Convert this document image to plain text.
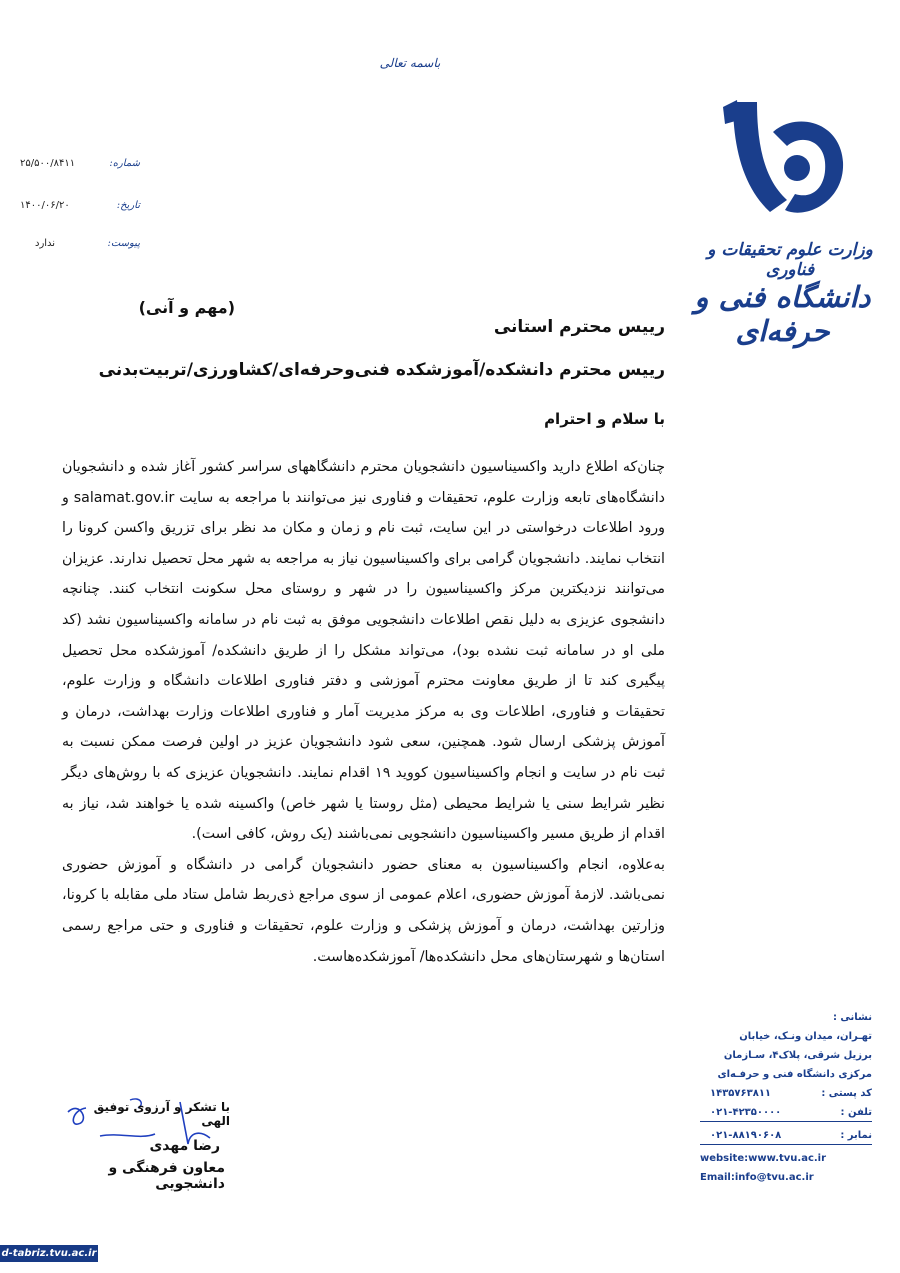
باسمه تعالی
شماره:
۲۵/۵۰۰/۸۴۱۱
تاریخ:
۱۴۰۰/۰۶/۲۰
پیوست:
ندارد	وزارت علوم تحقیقات و فناوری
دانشگاه فنی و حرفه‌ای
(مهم و آنی)
رییس محترم استانی
رییس محترم دانشکده/آموزشکده فنی‌وحرفه‌ای/کشاورزی/تربیت‌بدنی
با سلام و احترام

چنان‌که اطلاع دارید واکسیناسیون دانشجویان محترم دانشگاههای سراسر کشور آغاز شده و دانشجویان دانشگاه‌های تابعه وزارت علوم، تحقیقات و فناوری نیز می‌توانند با مراجعه به سایت salamat.gov.ir و ورود اطلاعات درخواستی در این سایت، ثبت نام و زمان و مکان مد نظر برای تزریق واکسن کرونا را انتخاب نمایند. دانشجویان گرامی برای واکسیناسیون نیاز به مراجعه به شهر محل تحصیل ندارند. عزیزان می‌توانند نزدیکترین مرکز واکسیناسیون را در شهر و روستای محل سکونت انتخاب کنند. چنانچه دانشجوی عزیزی به دلیل نقص اطلاعات دانشجویی موفق به ثبت نام در سامانه واکسیناسیون نشد (کد ملی او در سامانه ثبت نشده بود)، می‌تواند مشکل را از طریق دانشکده/ آموزشکده محل تحصیل پیگیری کند تا از طریق معاونت محترم آموزشی و دفتر فناوری اطلاعات دانشگاه و وزارت علوم، تحقیقات و فناوری، اطلاعات وی به مرکز مدیریت آمار و فناوری اطلاعات وزارت بهداشت، درمان و آموزش پزشکی ارسال شود. همچنین، سعی شود دانشجویان عزیز در اولین فرصت ممکن نسبت به ثبت نام در سایت و انجام واکسیناسیون کووید ۱۹ اقدام نمایند. دانشجویان عزیزی که با روش‌های دیگر نظیر شرایط سنی یا شرایط محیطی (مثل روستا یا شهر خاص) واکسینه شده یا خواهند شد، نیاز به اقدام از طریق مسیر واکسیناسیون دانشجویی نمی‌باشند (یک روش، کافی است).

به‌علاوه، انجام واکسیناسیون به معنای حضور دانشجویان گرامی در دانشگاه و آموزش حضوری نمی‌باشد. لازمهٔ آموزش حضوری، اعلام عمومی از سوی مراجع ذی‌ربط شامل ستاد ملی مقابله با کرونا، وزارتین بهداشت، درمان و آموزش پزشکی و وزارت علوم، تحقیقات و فناوری و حتی مراجع رسمی استان‌ها و شهرستان‌های محل دانشکده‌ها/ آموزشکده‌هاست.

با تشکر و آرزوی توفیق الهی
رضا مهدی
معاون فرهنگی و دانشجویی
نشانی :
تهـران، میدان ونـک، خیابان
برزیل شرقی، پلاک۴، سـازمان
مرکزی دانشگاه فنی و حرفـه‌ای
کد پستی :
۱۴۳۵۷۶۳۸۱۱
تلفن :
۰۲۱-۴۲۳۵۰۰۰۰
نمابر :
۰۲۱-۸۸۱۹۰۶۰۸
website:www.tvu.ac.ir
Email:info@tvu.ac.ir
d-tabriz.tvu.ac.ir
